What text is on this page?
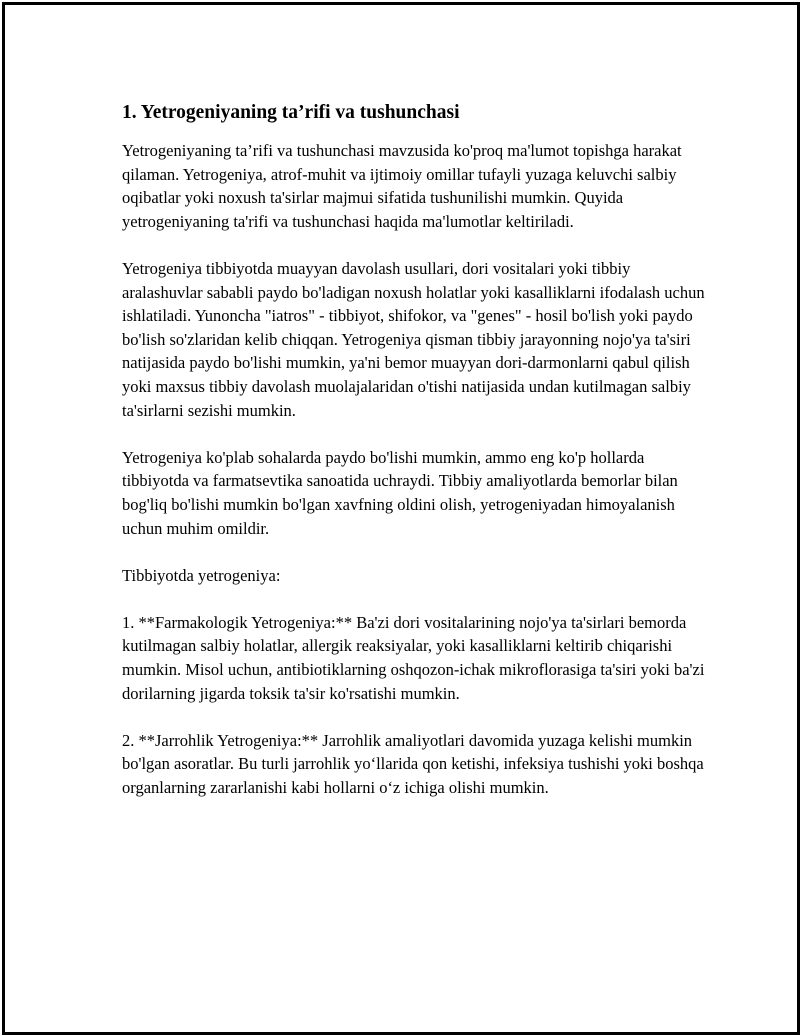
1. Yetrogeniyaning ta’rifi va tushunchasi

Yetrogeniyaning ta’rifi va tushunchasi mavzusida ko'proq ma'lumot topishga harakat qilaman. Yetrogeniya, atrof-muhit va ijtimoiy omillar tufayli yuzaga keluvchi salbiy oqibatlar yoki noxush ta'sirlar majmui sifatida tushunilishi mumkin. Quyida yetrogeniyaning ta'rifi va tushunchasi haqida ma'lumotlar keltiriladi.

Yetrogeniya tibbiyotda muayyan davolash usullari, dori vositalari yoki tibbiy aralashuvlar sababli paydo bo'ladigan noxush holatlar yoki kasalliklarni ifodalash uchun ishlatiladi. Yunoncha "iatros" - tibbiyot, shifokor, va "genes" - hosil bo'lish yoki paydo bo'lish so'zlaridan kelib chiqqan. Yetrogeniya qisman tibbiy jarayonning nojo'ya ta'siri natijasida paydo bo'lishi mumkin, ya'ni bemor muayyan dori-darmonlarni qabul qilish yoki maxsus tibbiy davolash muolajalaridan o'tishi natijasida undan kutilmagan salbiy ta'sirlarni sezishi mumkin.

Yetrogeniya ko'plab sohalarda paydo bo'lishi mumkin, ammo eng ko'p hollarda tibbiyotda va farmatsevtika sanoatida uchraydi. Tibbiy amaliyotlarda bemorlar bilan bog'liq bo'lishi mumkin bo'lgan xavfning oldini olish, yetrogeniyadan himoyalanish uchun muhim omildir.

Tibbiyotda yetrogeniya:

1. **Farmakologik Yetrogeniya:** Ba'zi dori vositalarining nojo'ya ta'sirlari bemorda kutilmagan salbiy holatlar, allergik reaksiyalar, yoki kasalliklarni keltirib chiqarishi mumkin. Misol uchun, antibiotiklarning oshqozon-ichak mikroflorasiga ta'siri yoki ba'zi dorilarning jigarda toksik ta'sir ko'rsatishi mumkin.

2. **Jarrohlik Yetrogeniya:** Jarrohlik amaliyotlari davomida yuzaga kelishi mumkin bo'lgan asoratlar. Bu turli jarrohlik yo‘llarida qon ketishi, infeksiya tushishi yoki boshqa organlarning zararlanishi kabi hollarni o‘z ichiga olishi mumkin.
